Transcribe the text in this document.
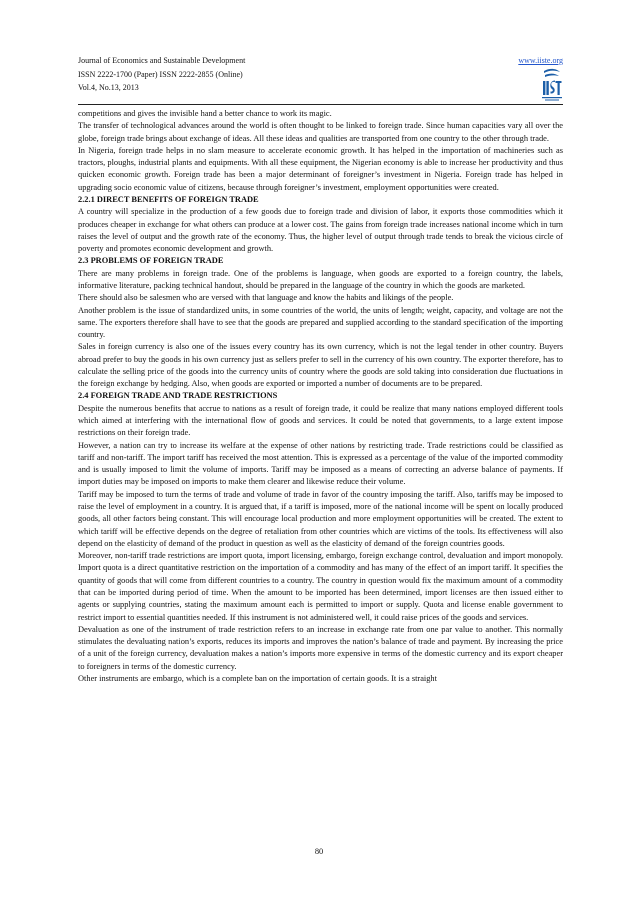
Journal of Economics and Sustainable Development
ISSN 2222-1700 (Paper) ISSN 2222-2855 (Online)
Vol.4, No.13, 2013
www.iiste.org

competitions and gives the invisible hand a better chance to work its magic.

The transfer of technological advances around the world is often thought to be linked to foreign trade. Since human capacities vary all over the globe, foreign trade brings about exchange of ideas. All these ideas and qualities are transported from one country to the other through trade.

In Nigeria, foreign trade helps in no slam measure to accelerate economic growth. It has helped in the importation of machineries such as tractors, ploughs, industrial plants and equipments. With all these equipment, the Nigerian economy is able to increase her productivity and thus quicken economic growth. Foreign trade has been a major determinant of foreigner’s investment in Nigeria. Foreign trade has helped in upgrading socio economic value of citizens, because through foreigner’s investment, employment opportunities were created.

2.2.1 DIRECT BENEFITS OF FOREIGN TRADE

A country will specialize in the production of a few goods due to foreign trade and division of labor, it exports those commodities which it produces cheaper in exchange for what others can produce at a lower cost. The gains from foreign trade increases national income which in turn raises the level of output and the growth rate of the economy. Thus, the higher level of output through trade tends to break the vicious circle of poverty and promotes economic development and growth.

2.3 PROBLEMS OF FOREIGN TRADE

There are many problems in foreign trade. One of the problems is language, when goods are exported to a foreign country, the labels, informative literature, packing technical handout, should be prepared in the language of the country in which the goods are marketed.

There should also be salesmen who are versed with that language and know the habits and likings of the people.

Another problem is the issue of standardized units, in some countries of the world, the units of length; weight, capacity, and voltage are not the same. The exporters therefore shall have to see that the goods are prepared and supplied according to the standard specification of the importing country.

Sales in foreign currency is also one of the issues every country has its own currency, which is not the legal tender in other country. Buyers abroad prefer to buy the goods in his own currency just as sellers prefer to sell in the currency of his own country. The exporter therefore, has to calculate the selling price of the goods into the currency units of country where the goods are sold taking into consideration due fluctuations in the foreign exchange by hedging. Also, when goods are exported or imported a number of documents are to be prepared.

2.4 FOREIGN TRADE AND TRADE RESTRICTIONS

Despite the numerous benefits that accrue to nations as a result of foreign trade, it could be realize that many nations employed different tools which aimed at interfering with the international flow of goods and services. It could be noted that governments, to a large extent impose restrictions on their foreign trade.

However, a nation can try to increase its welfare at the expense of other nations by restricting trade. Trade restrictions could be classified as tariff and non-tariff. The import tariff has received the most attention. This is expressed as a percentage of the value of the imported commodity and is usually imposed to limit the volume of imports. Tariff may be imposed as a means of correcting an adverse balance of payments. If import duties may be imposed on imports to make them clearer and likewise reduce their volume.

Tariff may be imposed to turn the terms of trade and volume of trade in favor of the country imposing the tariff. Also, tariffs may be imposed to raise the level of employment in a country. It is argued that, if a tariff is imposed, more of the national income will be spent on locally produced goods, all other factors being constant. This will encourage local production and more employment opportunities will be created. The extent to which tariff will be effective depends on the degree of retaliation from other countries which are victims of the tools. Its effectiveness will also depend on the elasticity of demand of the product in question as well as the elasticity of demand of the foreign countries goods.

Moreover, non-tariff trade restrictions are import quota, import licensing, embargo, foreign exchange control, devaluation and import monopoly. Import quota is a direct quantitative restriction on the importation of a commodity and has many of the effect of an import tariff. It specifies the quantity of goods that will come from different countries to a country. The country in question would fix the maximum amount of a commodity that can be imported during period of time. When the amount to be imported has been determined, import licenses are then issued either to agents or supplying countries, stating the maximum amount each is permitted to import or supply. Quota and license enable government to restrict import to essential quantities needed. If this instrument is not administered well, it could raise prices of the goods and services.

Devaluation as one of the instrument of trade restriction refers to an increase in exchange rate from one par value to another. This normally stimulates the devaluating nation’s exports, reduces its imports and improves the nation’s balance of trade and payment. By increasing the price of a unit of the foreign currency, devaluation makes a nation’s imports more expensive in terms of the domestic currency and its export cheaper to foreigners in terms of the domestic currency.

Other instruments are embargo, which is a complete ban on the importation of certain goods. It is a straight

80
